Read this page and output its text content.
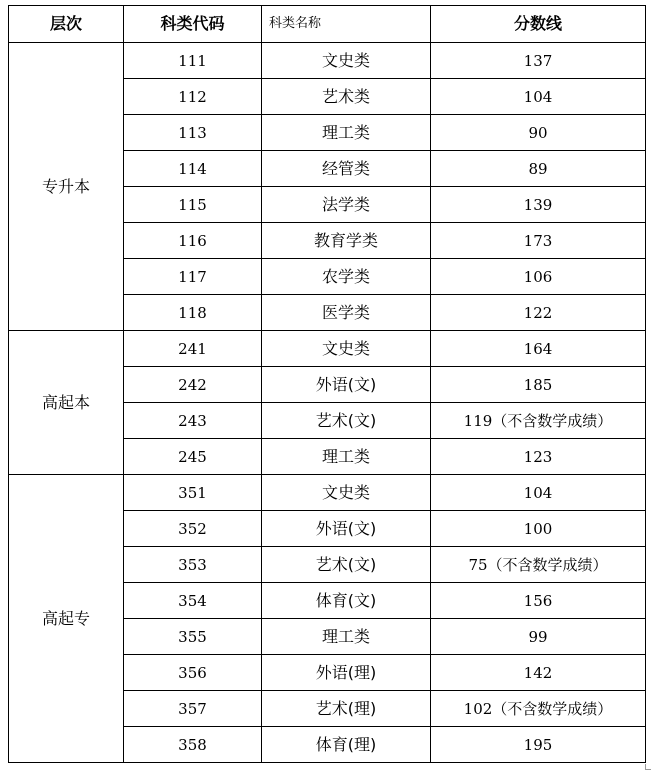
层次	科类代码	科类名称	分数线
专升本	111	文史类	137
	112	艺术类	104
	113	理工类	90
	114	经管类	89
	115	法学类	139
	116	教育学类	173
	117	农学类	106
	118	医学类	122
高起本	241	文史类	164
	242	外语(文)	185
	243	艺术(文)	119（不含数学成绩）
	245	理工类	123
高起专	351	文史类	104
	352	外语(文)	100
	353	艺术(文)	75（不含数学成绩）
	354	体育(文)	156
	355	理工类	99
	356	外语(理)	142
	357	艺术(理)	102（不含数学成绩）
	358	体育(理)	195
